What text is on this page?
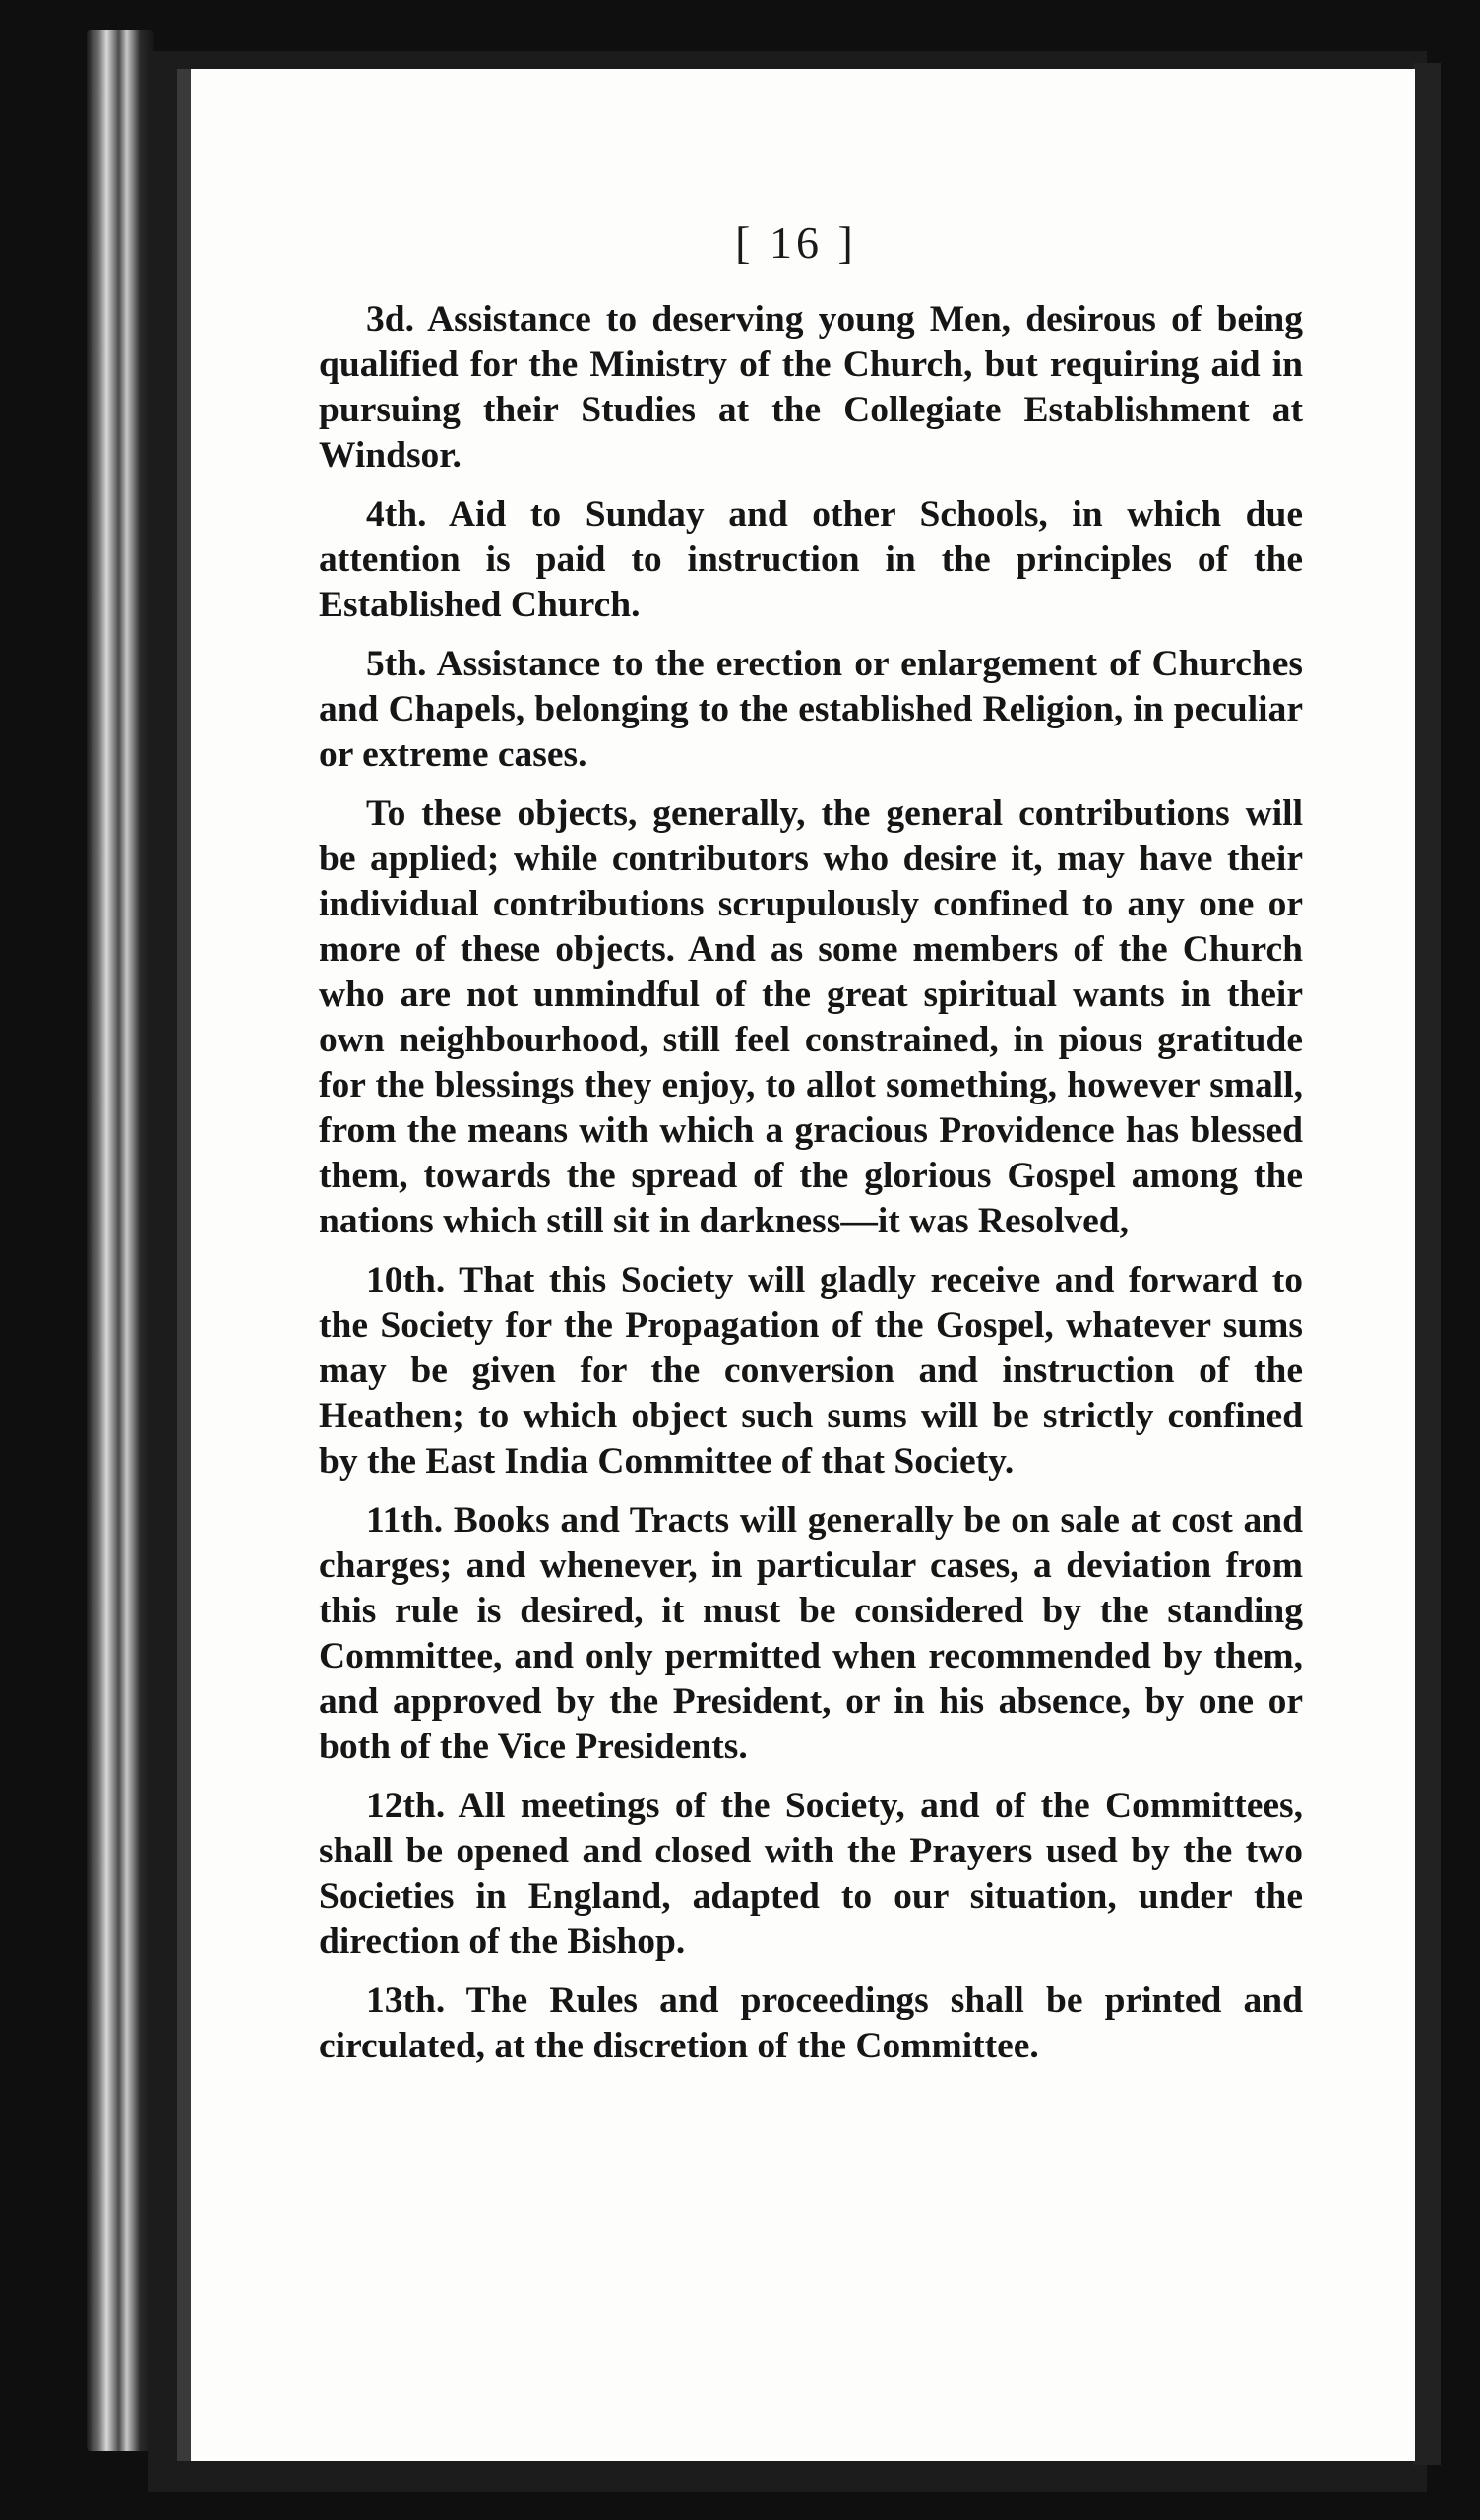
[ 16 ]

3d. Assistance to deserving young Men, desirous of being qualified for the Ministry of the Church, but requiring aid in pursuing their Studies at the Collegiate Establishment at Windsor.

4th. Aid to Sunday and other Schools, in which due attention is paid to instruction in the principles of the Established Church.

5th. Assistance to the erection or enlargement of Churches and Chapels, belonging to the established Religion, in peculiar or extreme cases.

To these objects, generally, the general contributions will be applied; while contributors who desire it, may have their individual contributions scrupulously confined to any one or more of these objects. And as some members of the Church who are not unmindful of the great spiritual wants in their own neighbourhood, still feel constrained, in pious gratitude for the blessings they enjoy, to allot something, however small, from the means with which a gracious Providence has blessed them, towards the spread of the glorious Gospel among the nations which still sit in darkness—it was Resolved,

10th. That this Society will gladly receive and forward to the Society for the Propagation of the Gospel, whatever sums may be given for the conversion and instruction of the Heathen; to which object such sums will be strictly confined by the East India Committee of that Society.

11th. Books and Tracts will generally be on sale at cost and charges; and whenever, in particular cases, a deviation from this rule is desired, it must be considered by the standing Committee, and only permitted when recommended by them, and approved by the President, or in his absence, by one or both of the Vice Presidents.

12th. All meetings of the Society, and of the Committees, shall be opened and closed with the Prayers used by the two Societies in England, adapted to our situation, under the direction of the Bishop.

13th. The Rules and proceedings shall be printed and circulated, at the discretion of the Committee.
